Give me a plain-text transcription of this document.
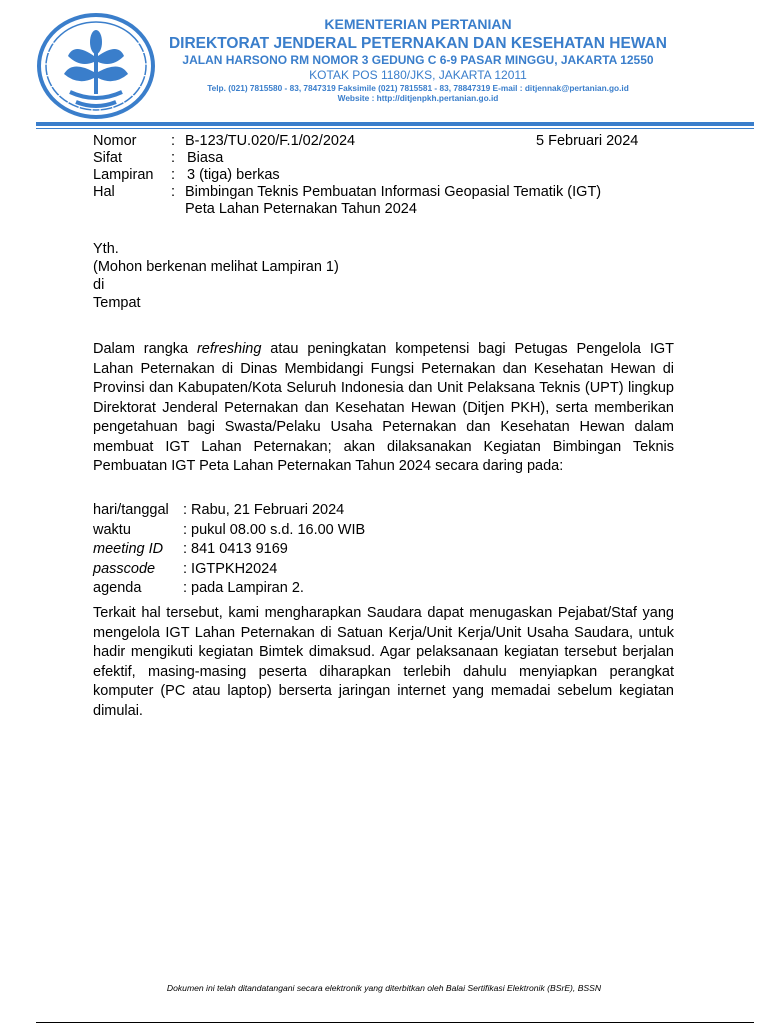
KEMENTERIAN PERTANIAN
DIREKTORAT JENDERAL PETERNAKAN DAN KESEHATAN HEWAN
JALAN HARSONO RM NOMOR 3 GEDUNG C 6-9 PASAR MINGGU, JAKARTA 12550
KOTAK POS 1180/JKS, JAKARTA 12011
Telp. (021) 7815580 - 83, 7847319 Faksimile (021) 7815581 - 83, 78847319 E-mail : ditjennak@pertanian.go.id
Website : http://ditjenpkh.pertanian.go.id
Nomor	: B-123/TU.020/F.1/02/2024
Sifat	: Biasa
Lampiran	: 3 (tiga) berkas
Hal	: Bimbingan Teknis Pembuatan Informasi Geopasial Tematik (IGT)
Peta Lahan Peternakan Tahun 2024
5 Februari 2024
Yth.
(Mohon berkenan melihat Lampiran 1)
di
Tempat
Dalam rangka refreshing atau peningkatan kompetensi bagi Petugas Pengelola IGT Lahan Peternakan di Dinas Membidangi Fungsi Peternakan dan Kesehatan Hewan di Provinsi dan Kabupaten/Kota Seluruh Indonesia dan Unit Pelaksana Teknis (UPT) lingkup Direktorat Jenderal Peternakan dan Kesehatan Hewan (Ditjen PKH), serta memberikan pengetahuan bagi Swasta/Pelaku Usaha Peternakan dan Kesehatan Hewan dalam membuat IGT Lahan Peternakan; akan dilaksanakan Kegiatan Bimbingan Teknis Pembuatan IGT Peta Lahan Peternakan Tahun 2024 secara daring pada:
hari/tanggal : Rabu, 21 Februari 2024
waktu	: pukul 08.00 s.d. 16.00 WIB
meeting ID	: 841 0413 9169
passcode	: IGTPKH2024
agenda	: pada Lampiran 2.
Terkait hal tersebut, kami mengharapkan Saudara dapat menugaskan Pejabat/Staf yang mengelola IGT Lahan Peternakan di Satuan Kerja/Unit Kerja/Unit Usaha Saudara, untuk hadir mengikuti kegiatan Bimtek dimaksud. Agar pelaksanaan kegiatan tersebut berjalan efektif, masing-masing peserta diharapkan terlebih dahulu menyiapkan perangkat komputer (PC atau laptop) berserta jaringan internet yang memadai sebelum kegiatan dimulai.
Dokumen ini telah ditandatangani secara elektronik yang diterbitkan oleh Balai Sertifikasi Elektronik (BSrE), BSSN
